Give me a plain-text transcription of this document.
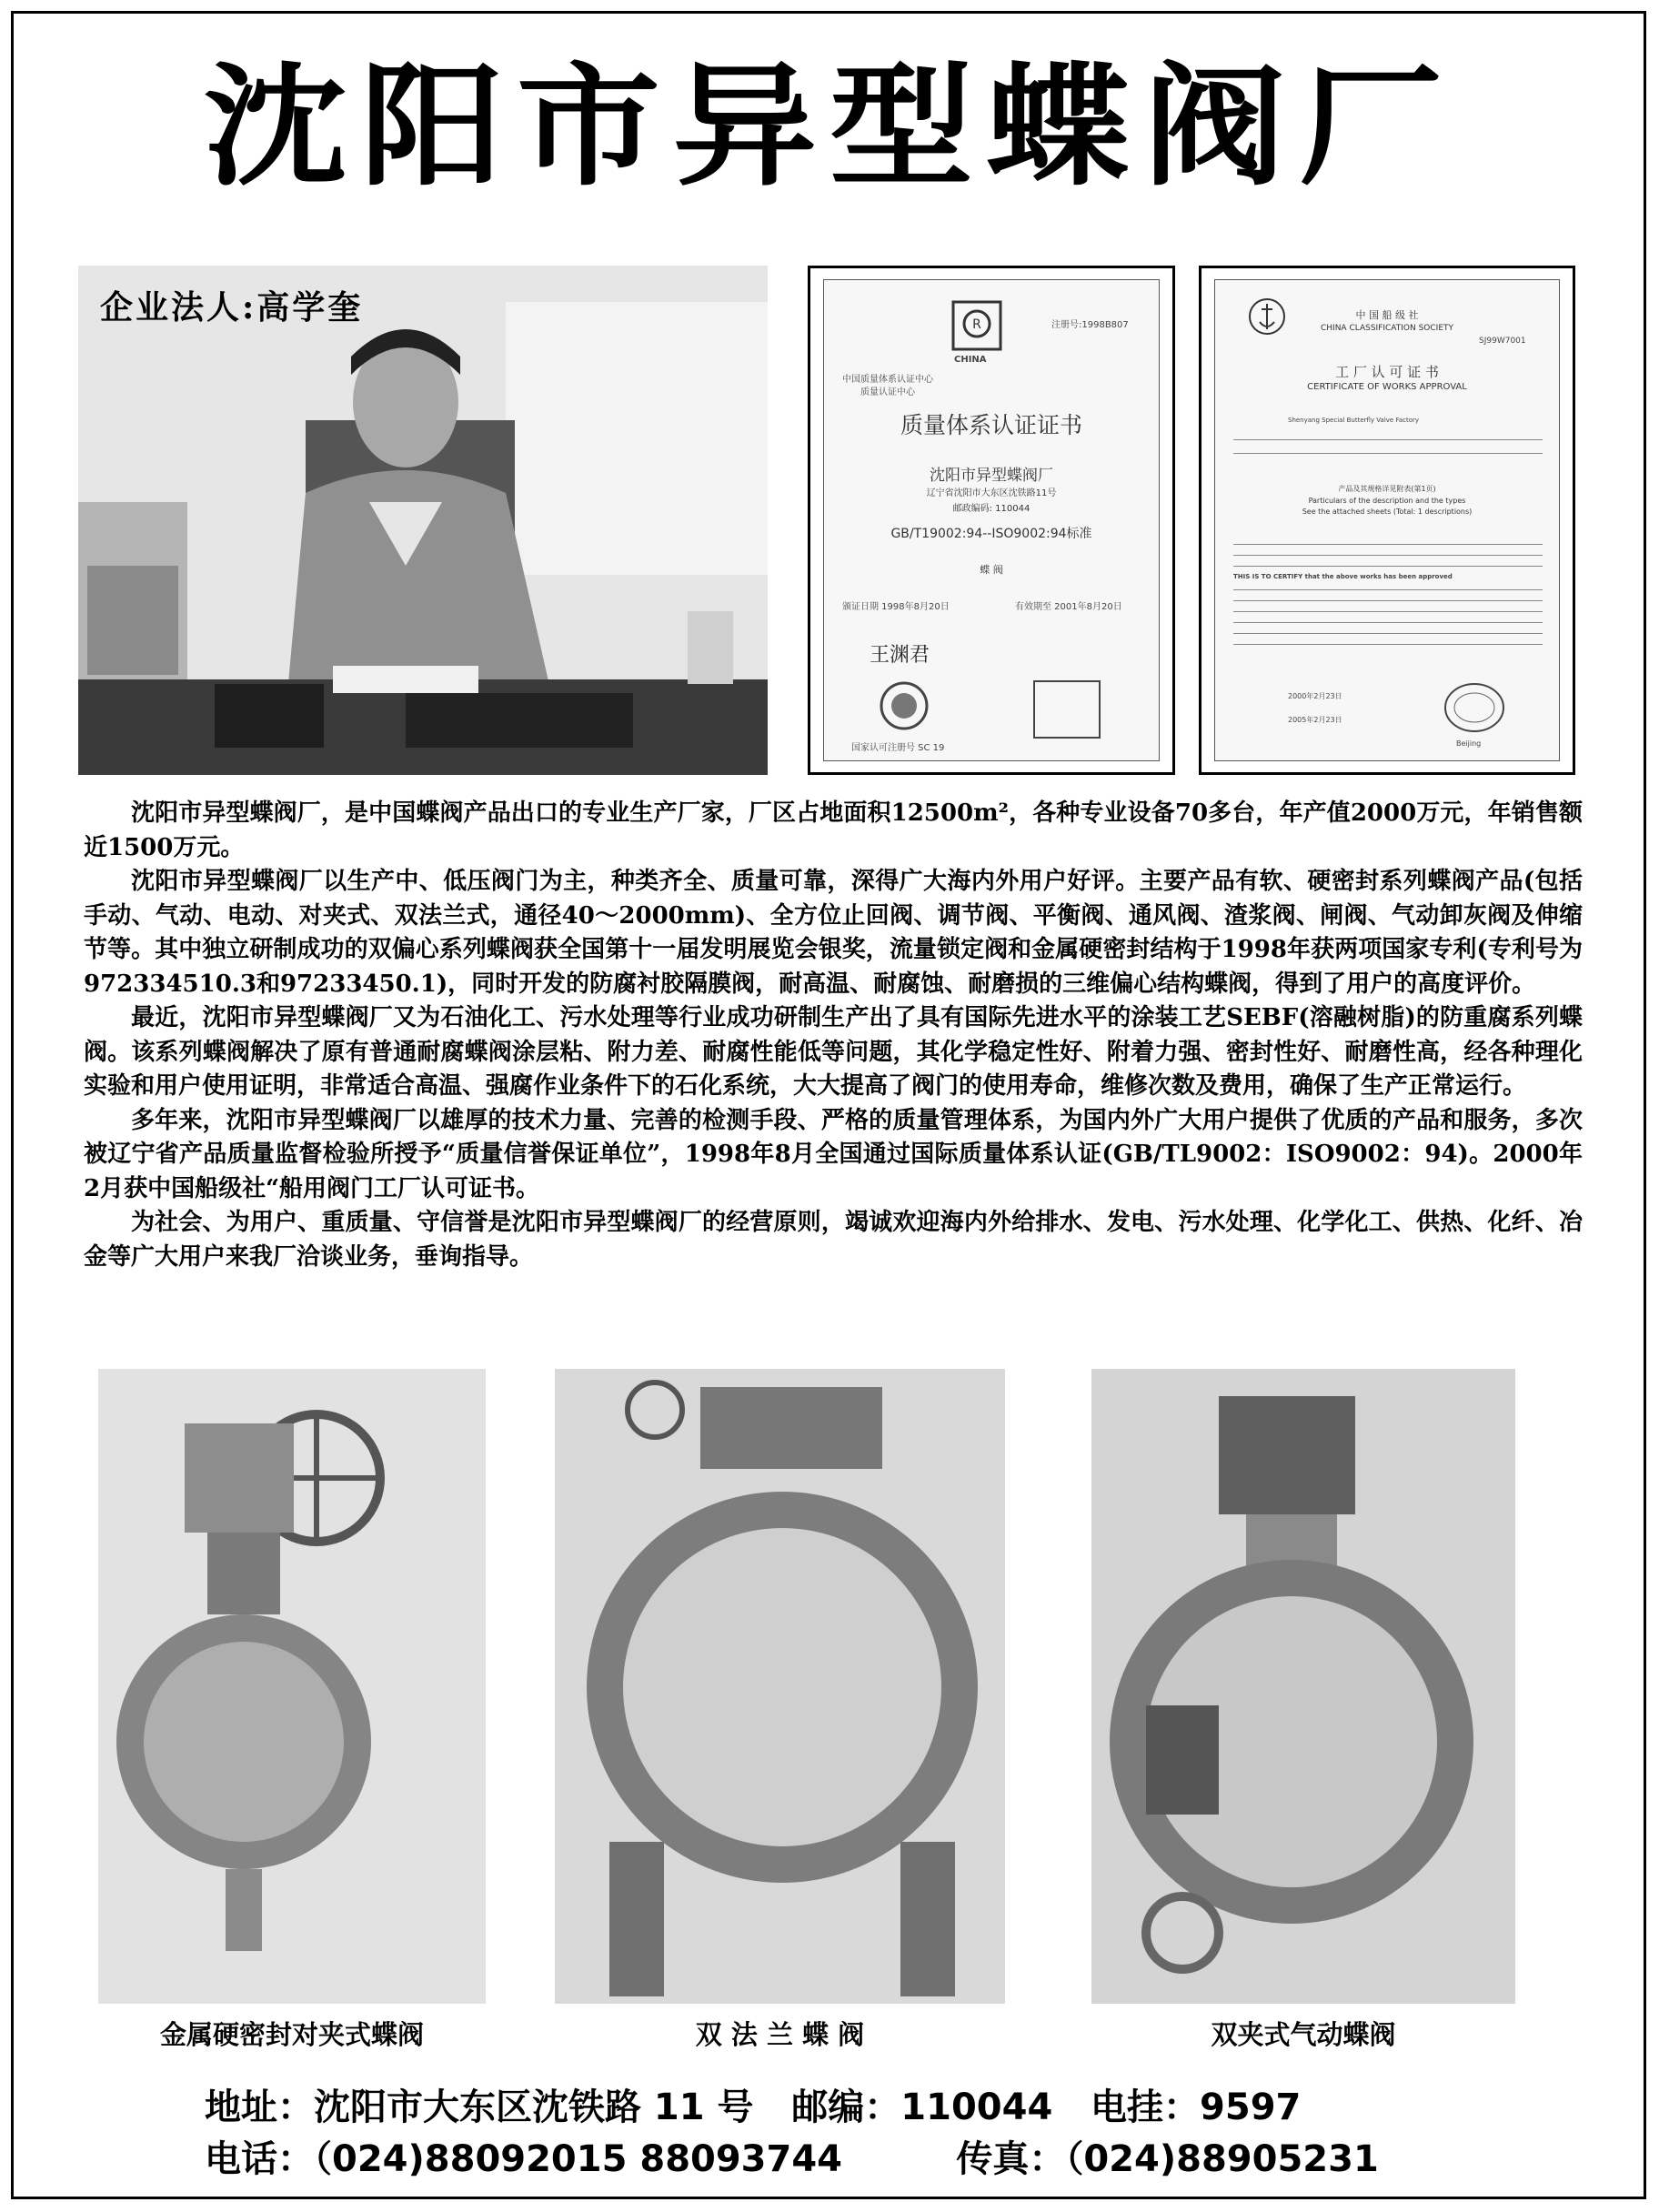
沈阳市异型蝶阀厂
企业法人:高学奎	R
CHINA
注册号:1998B807
中国质量体系认证中心
质量认证中心
质量体系认证证书
沈阳市异型蝶阀厂
辽宁省沈阳市大东区沈铁路11号
邮政编码: 110044
GB/T19002:94--ISO9002:94标准
蝶 阀
颁证日期 1998年8月20日	有效期至 2001年8月20日
王渊君
国家认可注册号 SC 19
中 国 船 级 社
CHINA CLASSIFICATION SOCIETY
SJ99W7001
工 厂 认 可 证 书
CERTIFICATE OF WORKS APPROVAL
Shenyang Special Butterfly Valve Factory
产品及其规格详见附表(第1页)
Particulars of the description and the types
See the attached sheets (Total: 1 descriptions)
THIS IS TO CERTIFY that the above works has been approved
2000年2月23日
2005年2月23日
Beijing

沈阳市异型蝶阀厂，是中国蝶阀产品出口的专业生产厂家，厂区占地面积12500m²，各种专业设备70多台，年产值2000万元，年销售额近1500万元。

沈阳市异型蝶阀厂以生产中、低压阀门为主，种类齐全、质量可靠，深得广大海内外用户好评。主要产品有软、硬密封系列蝶阀产品(包括手动、气动、电动、对夹式、双法兰式，通径40～2000mm)、全方位止回阀、调节阀、平衡阀、通风阀、渣浆阀、闸阀、气动卸灰阀及伸缩节等。其中独立研制成功的双偏心系列蝶阀获全国第十一届发明展览会银奖，流量锁定阀和金属硬密封结构于1998年获两项国家专利(专利号为972334510.3和97233450.1)，同时开发的防腐衬胶隔膜阀，耐高温、耐腐蚀、耐磨损的三维偏心结构蝶阀，得到了用户的高度评价。

最近，沈阳市异型蝶阀厂又为石油化工、污水处理等行业成功研制生产出了具有国际先进水平的涂装工艺SEBF(溶融树脂)的防重腐系列蝶阀。该系列蝶阀解决了原有普通耐腐蝶阀涂层粘、附力差、耐腐性能低等问题，其化学稳定性好、附着力强、密封性好、耐磨性高，经各种理化实验和用户使用证明，非常适合高温、强腐作业条件下的石化系统，大大提高了阀门的使用寿命，维修次数及费用，确保了生产正常运行。

多年来，沈阳市异型蝶阀厂以雄厚的技术力量、完善的检测手段、严格的质量管理体系，为国内外广大用户提供了优质的产品和服务，多次被辽宁省产品质量监督检验所授予“质量信誉保证单位”，1998年8月全国通过国际质量体系认证(GB/TL9002：ISO9002：94)。2000年2月获中国船级社“船用阀门工厂认可证书。

为社会、为用户、重质量、守信誉是沈阳市异型蝶阀厂的经营原则，竭诚欢迎海内外给排水、发电、污水处理、化学化工、供热、化纤、冶金等广大用户来我厂洽谈业务，垂询指导。

金属硬密封对夹式蝶阀	双 法 兰 蝶 阀	双夹式气动蝶阀
地址：沈阳市大东区沈铁路 11 号   邮编：110044   电挂：9597
电话：（024)88092015 88093744         传真：（024)88905231
